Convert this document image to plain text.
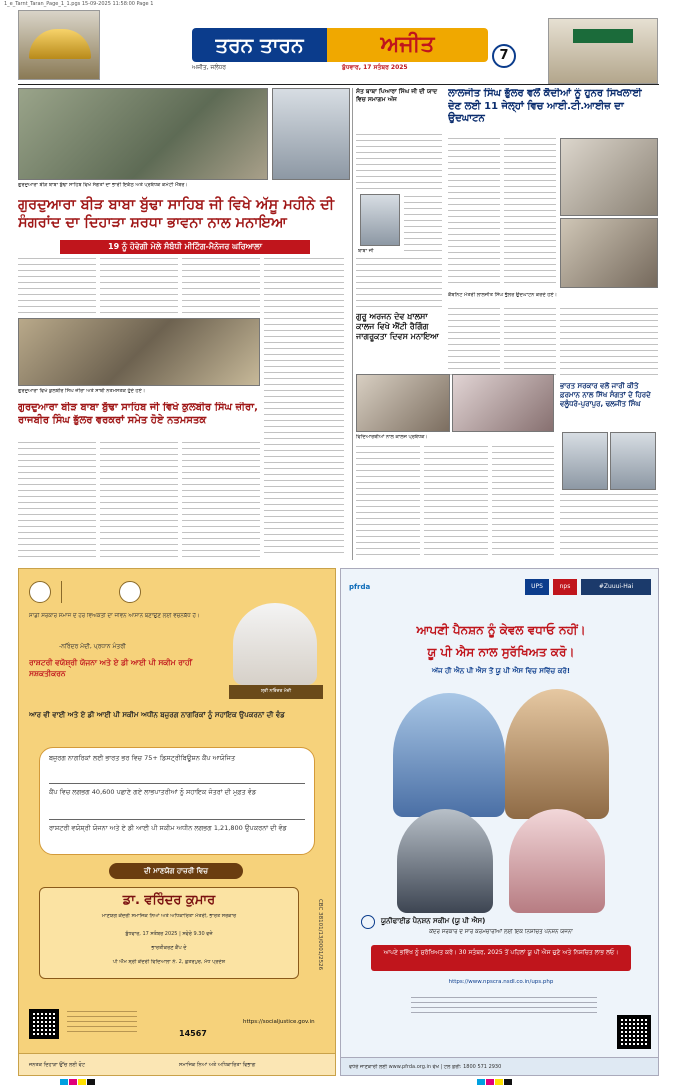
1_e_Tarnt_Taran_Page_1_1.pgs 15-09-2025 11:58:00 Page 1
ਤਰਨ ਤਾਰਨ	ਅਜੀਤ
ਅਜੀਤ, ਜਲੰਧਰ	ਬੁੱਧਵਾਰ, 17 ਸਤੰਬਰ 2025
7
ਗੁਰਦੁਆਰਾ ਬੀੜ ਬਾਬਾ ਬੁੱਢਾ ਸਾਹਿਬ ਵਿਖੇ ਸੰਗਤਾਂ ਦਾ ਭਾਰੀ ਇਕੱਠ ਅਤੇ ਪ੍ਰਬੰਧਕ ਕਮੇਟੀ ਮੈਂਬਰ।
ਗੁਰਦੁਆਰਾ ਬੀੜ ਬਾਬਾ ਬੁੱਢਾ ਸਾਹਿਬ ਜੀ ਵਿਖੇ ਅੱਸੂ ਮਹੀਨੇ ਦੀ ਸੰਗਰਾਂਦ ਦਾ ਦਿਹਾੜਾ ਸ਼ਰਧਾ ਭਾਵਨਾ ਨਾਲ ਮਨਾਇਆ
19 ਨੂੰ ਹੋਵੇਗੀ ਮੇਲੇ ਸੰਬੰਧੀ ਮੀਟਿੰਗ-ਮੈਨੇਜਰ ਘਰਿਆਲਾ
ਗੁਰਦੁਆਰਾ ਵਿਖੇ ਕੁਲਬੀਰ ਸਿੰਘ ਜ਼ੀਰਾ ਅਤੇ ਸਾਥੀ ਨਤਮਸਤਕ ਹੁੰਦੇ ਹੋਏ।
ਗੁਰਦੁਆਰਾ ਬੀੜ ਬਾਬਾ ਬੁੱਢਾ ਸਾਹਿਬ ਜੀ ਵਿਖੇ ਕੁਲਬੀਰ ਸਿੰਘ ਜ਼ੀਰਾ, ਰਾਜਬੀਰ ਸਿੰਘ ਭੁੱਲਰ ਵਰਕਰਾਂ ਸਮੇਤ ਹੋਏ ਨਤਮਸਤਕ
ਸੰਤ ਬਾਬਾ ਪਿਆਰਾ ਸਿੰਘ ਜੀ ਦੀ ਯਾਦ ਵਿਚ ਸਮਾਗਮ ਅੱਜ
ਬਾਬਾ ਜੀ
ਲਾਲਜੀਤ ਸਿੰਘ ਭੁੱਲਰ ਵਲੋਂ ਕੈਦੀਆਂ ਨੂੰ ਹੁਨਰ ਸਿਖਲਾਈ ਦੇਣ ਲਈ 11 ਜੇਲ੍ਹਾਂ ਵਿਚ ਆਈ.ਟੀ.ਆਈਜ਼ ਦਾ ਉਦਘਾਟਨ
ਕੈਬਨਿਟ ਮੰਤਰੀ ਲਾਲਜੀਤ ਸਿੰਘ ਭੁੱਲਰ ਉਦਘਾਟਨ ਕਰਦੇ ਹੋਏ।
ਗੁਰੂ ਅਰਜਨ ਦੇਵ ਖ਼ਾਲਸਾ ਕਾਲਜ ਵਿਖੇ ਐਂਟੀ ਰੈਗਿੰਗ ਜਾਗਰੂਕਤਾ ਦਿਵਸ ਮਨਾਇਆ
ਵਿਦਿਆਰਥੀਆਂ ਨਾਲ ਕਾਲਜ ਪ੍ਰਬੰਧਕ।
ਭਾਰਤ ਸਰਕਾਰ ਵਲੋਂ ਜਾਰੀ ਕੀਤੇ ਫ਼ਰਮਾਨ ਨਾਲ ਸਿੱਖ ਸੰਗਤਾਂ ਦੇ ਹਿਰਦੇ ਵਲੂੰਧਰੇ-ਪੁਰਾਪੁਰ, ਢਲਜੀਤ ਸਿੰਘ
ਸਾਡੀ ਸਰਕਾਰ ਸਮਾਜ ਦੇ ਹਰ ਵਿਅਕਤੀ ਦਾ ਜੀਵਨ ਆਸਾਨ ਬਣਾਉਣ ਲਈ ਵਚਨਬੱਧ ਹੈ।
-ਨਰਿੰਦਰ ਮੋਦੀ, ਪ੍ਰਧਾਨ ਮੰਤਰੀ
ਸ਼੍ਰੀ ਨਰਿੰਦਰ ਮੋਦੀ
ਰਾਸ਼ਟਰੀ ਵਯੋਸ਼੍ਰੀ ਯੋਜਨਾ ਅਤੇ ਏ ਡੀ ਆਈ ਪੀ ਸਕੀਮ ਰਾਹੀਂ ਸਸ਼ਕਤੀਕਰਨ
ਆਰ ਵੀ ਵਾਈ ਅਤੇ ਏ ਡੀ ਆਈ ਪੀ ਸਕੀਮ ਅਧੀਨ ਬਜ਼ੁਰਗ ਨਾਗਰਿਕਾਂ ਨੂੰ ਸਹਾਇਕ ਉਪਕਰਨਾਂ ਦੀ ਵੰਡ
ਬਜ਼ੁਰਗ ਨਾਗਰਿਕਾਂ ਲਈ ਭਾਰਤ ਭਰ ਵਿਚ 75+ ਡਿਸਟ੍ਰੀਬਿਊਸ਼ਨ ਕੈਂਪ ਆਯੋਜਿਤ
ਕੈਂਪ ਵਿਚ ਲਗਭਗ 40,600 ਪਛਾਣੇ ਗਏ ਲਾਭਪਾਤਰੀਆਂ ਨੂੰ ਸਹਾਇਕ ਜੰਤਰਾਂ ਦੀ ਮੁਫ਼ਤ ਵੰਡ
ਰਾਸ਼ਟਰੀ ਵਯੋਸ਼੍ਰੀ ਯੋਜਨਾ ਅਤੇ ਏ ਡੀ ਆਈ ਪੀ ਸਕੀਮ ਅਧੀਨ ਲਗਭਗ 1,21,800 ਉਪਕਰਨਾਂ ਦੀ ਵੰਡ
ਦੀ ਮਾਣਯੋਗ ਹਾਜ਼ਰੀ ਵਿਚ
ਡਾ. ਵਰਿੰਦਰ ਕੁਮਾਰ
ਮਾਣਯੋਗ ਕੇਂਦਰੀ ਸਮਾਜਿਕ ਨਿਆਂ ਅਤੇ ਅਧਿਕਾਰਿਤਾ ਮੰਤਰੀ, ਭਾਰਤ ਸਰਕਾਰ
ਬੁੱਧਵਾਰ, 17 ਸਤੰਬਰ 2025 | ਸਵੇਰੇ 9.30 ਵਜੇ
ਭਾਰਤੀਕਰਣ ਕੈਂਪ ਦੇ
ਪੀ ਐੱਮ ਸ਼੍ਰੀ ਕੇਂਦਰੀ ਵਿਦਿਆਲਾ ਨੰ. 2, ਛਤਰਪੁਰ, ਮੱਧ ਪ੍ਰਦੇਸ਼	CBC 38101/13/0001/2526
14567
https://socialjustice.gov.in
ਜਨਤਕ ਦਿਹਾੜਾ ਉੱਚ ਲਈ ਵੋਟ	ਸਮਾਜਿਕ ਨਿਆਂ ਅਤੇ ਅਧਿਕਾਰਿਤਾ ਵਿਭਾਗ
pfrda	UPS	nps	#Zuuui-Hai
ਆਪਣੀ ਪੈਨਸ਼ਨ ਨੂੰ ਕੇਵਲ ਵਧਾਓ ਨਹੀਂ।
ਯੂ ਪੀ ਐਸ ਨਾਲ ਸੁਰੱਖਿਅਤ ਕਰੋ।
ਅੱਜ ਹੀ ਐਨ ਪੀ ਐਸ ਤੋਂ ਯੂ ਪੀ ਐਸ ਵਿਚ ਸਵਿੱਚ ਕਰੋ!
ਯੂਨੀਫਾਈਡ ਪੈਨਸ਼ਨ ਸਕੀਮ (ਯੂ ਪੀ ਐਸ)
ਕੇਂਦਰ ਸਰਕਾਰ ਦੇ ਸਾਰੇ ਕਰਮਚਾਰੀਆਂ ਲਈ ਇਕ ਨਿਸ਼ਚਿਤ ਪੈਨਸ਼ਨ ਯੋਜਨਾ
ਆਪਣੇ ਭਵਿੱਖ ਨੂੰ ਸੁਰੱਖਿਅਤ ਕਰੋ। 30 ਸਤੰਬਰ, 2025 ਤੋਂ ਪਹਿਲਾਂ ਯੂ ਪੀ ਐਸ ਚੁਣੋ ਅਤੇ ਨਿਸ਼ਚਿਤ ਲਾਭ ਲਓ।
https://www.npscra.nsdl.co.in/ups.php
ਵਧੇਰੇ ਜਾਣਕਾਰੀ ਲਈ www.pfrda.org.in ਵੇਖੋ | ਟੋਲ ਫ਼ਰੀ: 1800 571 2930
